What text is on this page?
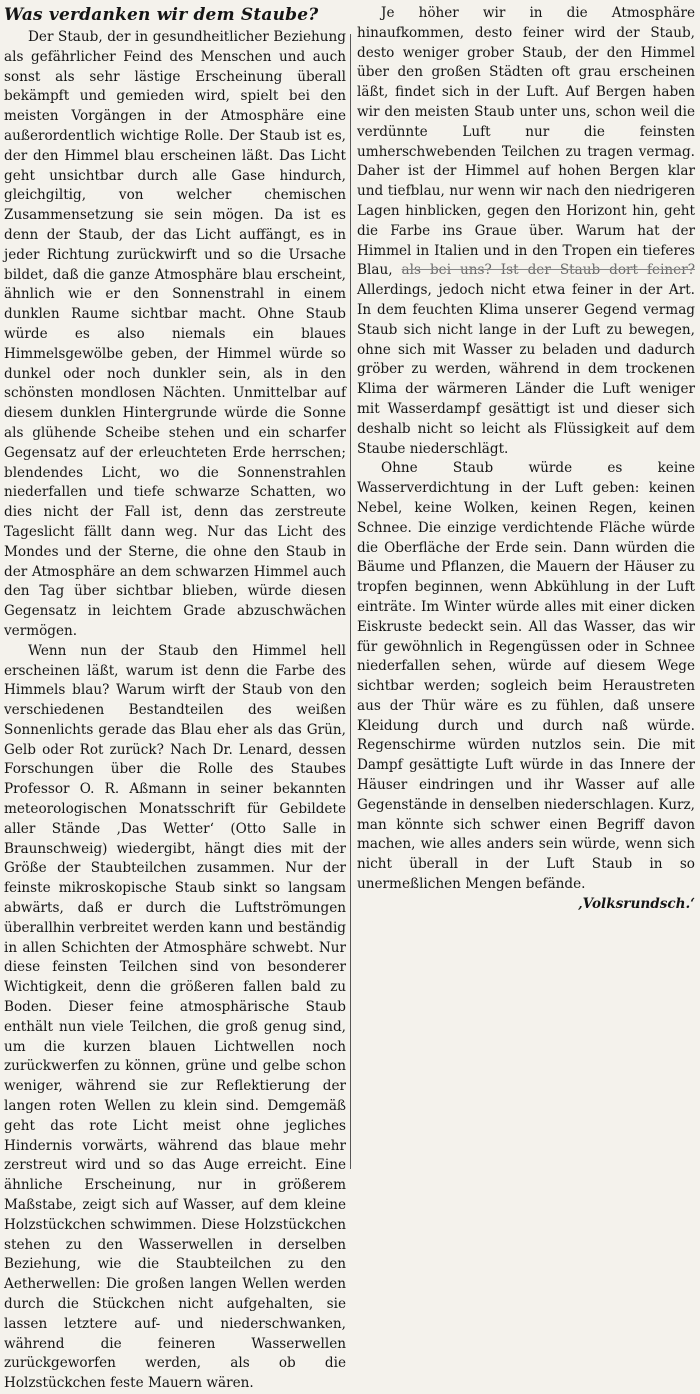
Was verdanken wir dem Staube?

Der Staub, der in gesundheitlicher Beziehung als gefährlicher Feind des Menschen und auch sonst als sehr lästige Erscheinung überall bekämpft und gemieden wird, spielt bei den meisten Vorgängen in der Atmosphäre eine außerordentlich wichtige Rolle. Der Staub ist es, der den Himmel blau erscheinen läßt. Das Licht geht unsichtbar durch alle Gase hindurch, gleichgiltig, von welcher chemischen Zusammensetzung sie sein mögen. Da ist es denn der Staub, der das Licht auffängt, es in jeder Richtung zurückwirft und so die Ursache bildet, daß die ganze Atmosphäre blau erscheint, ähnlich wie er den Sonnenstrahl in einem dunklen Raume sichtbar macht. Ohne Staub würde es also niemals ein blaues Himmelsgewölbe geben, der Himmel würde so dunkel oder noch dunkler sein, als in den schönsten mondlosen Nächten. Unmittelbar auf diesem dunklen Hintergrunde würde die Sonne als glühende Scheibe stehen und ein scharfer Gegensatz auf der erleuchteten Erde herrschen; blendendes Licht, wo die Sonnenstrahlen niederfallen und tiefe schwarze Schatten, wo dies nicht der Fall ist, denn das zerstreute Tageslicht fällt dann weg. Nur das Licht des Mondes und der Sterne, die ohne den Staub in der Atmosphäre an dem schwarzen Himmel auch den Tag über sichtbar blieben, würde diesen Gegensatz in leichtem Grade abzuschwächen vermögen.

Wenn nun der Staub den Himmel hell erscheinen läßt, warum ist denn die Farbe des Himmels blau? Warum wirft der Staub von den verschiedenen Bestandteilen des weißen Sonnenlichts gerade das Blau eher als das Grün, Gelb oder Rot zurück? Nach Dr. Lenard, dessen Forschungen über die Rolle des Staubes Professor O. R. Aßmann in seiner bekannten meteorologischen Monatsschrift für Gebildete aller Stände ‚Das Wetter‘ (Otto Salle in Braunschweig) wiedergibt, hängt dies mit der Größe der Staubteilchen zusammen. Nur der feinste mikroskopische Staub sinkt so langsam abwärts, daß er durch die Luftströmungen überallhin verbreitet werden kann und beständig in allen Schichten der Atmosphäre schwebt. Nur diese feinsten Teilchen sind von besonderer Wichtigkeit, denn die größeren fallen bald zu Boden. Dieser feine atmosphärische Staub enthält nun viele Teilchen, die groß genug sind, um die kurzen blauen Lichtwellen noch zurückwerfen zu können, grüne und gelbe schon weniger, während sie zur Reflektierung der langen roten Wellen zu klein sind. Demgemäß geht das rote Licht meist ohne jegliches Hindernis vorwärts, während das blaue mehr zerstreut wird und so das Auge erreicht. Eine ähnliche Erscheinung, nur in größerem Maßstabe, zeigt sich auf Wasser, auf dem kleine Holzstückchen schwimmen. Diese Holzstückchen stehen zu den Wasserwellen in derselben Beziehung, wie die Staubteilchen zu den Aetherwellen: Die großen langen Wellen werden durch die Stückchen nicht aufgehalten, sie lassen letztere auf- und niederschwanken, während die feineren Wasserwellen zurückgeworfen werden, als ob die Holzstückchen feste Mauern wären.

Je höher wir in die Atmosphäre hinaufkommen, desto feiner wird der Staub, desto weniger grober Staub, der den Himmel über den großen Städten oft grau erscheinen läßt, findet sich in der Luft. Auf Bergen haben wir den meisten Staub unter uns, schon weil die verdünnte Luft nur die feinsten umherschwebenden Teilchen zu tragen vermag. Daher ist der Himmel auf hohen Bergen klar und tiefblau, nur wenn wir nach den niedrigeren Lagen hinblicken, gegen den Horizont hin, geht die Farbe ins Graue über. Warum hat der Himmel in Italien und in den Tropen ein tieferes Blau, als bei uns? Ist der Staub dort feiner? Allerdings, jedoch nicht etwa feiner in der Art. In dem feuchten Klima unserer Gegend vermag Staub sich nicht lange in der Luft zu bewegen, ohne sich mit Wasser zu beladen und dadurch gröber zu werden, während in dem trockenen Klima der wärmeren Länder die Luft weniger mit Wasserdampf gesättigt ist und dieser sich deshalb nicht so leicht als Flüssigkeit auf dem Staube niederschlägt.

Ohne Staub würde es keine Wasserverdichtung in der Luft geben: keinen Nebel, keine Wolken, keinen Regen, keinen Schnee. Die einzige verdichtende Fläche würde die Oberfläche der Erde sein. Dann würden die Bäume und Pflanzen, die Mauern der Häuser zu tropfen beginnen, wenn Abkühlung in der Luft einträte. Im Winter würde alles mit einer dicken Eiskruste bedeckt sein. All das Wasser, das wir für gewöhnlich in Regengüssen oder in Schnee niederfallen sehen, würde auf diesem Wege sichtbar werden; sogleich beim Heraustreten aus der Thür wäre es zu fühlen, daß unsere Kleidung durch und durch naß würde. Regenschirme würden nutzlos sein. Die mit Dampf gesättigte Luft würde in das Innere der Häuser eindringen und ihr Wasser auf alle Gegenstände in denselben niederschlagen. Kurz, man könnte sich schwer einen Begriff davon machen, wie alles anders sein würde, wenn sich nicht überall in der Luft Staub in so unermeßlichen Mengen befände.

‚Volksrundsch.‘
